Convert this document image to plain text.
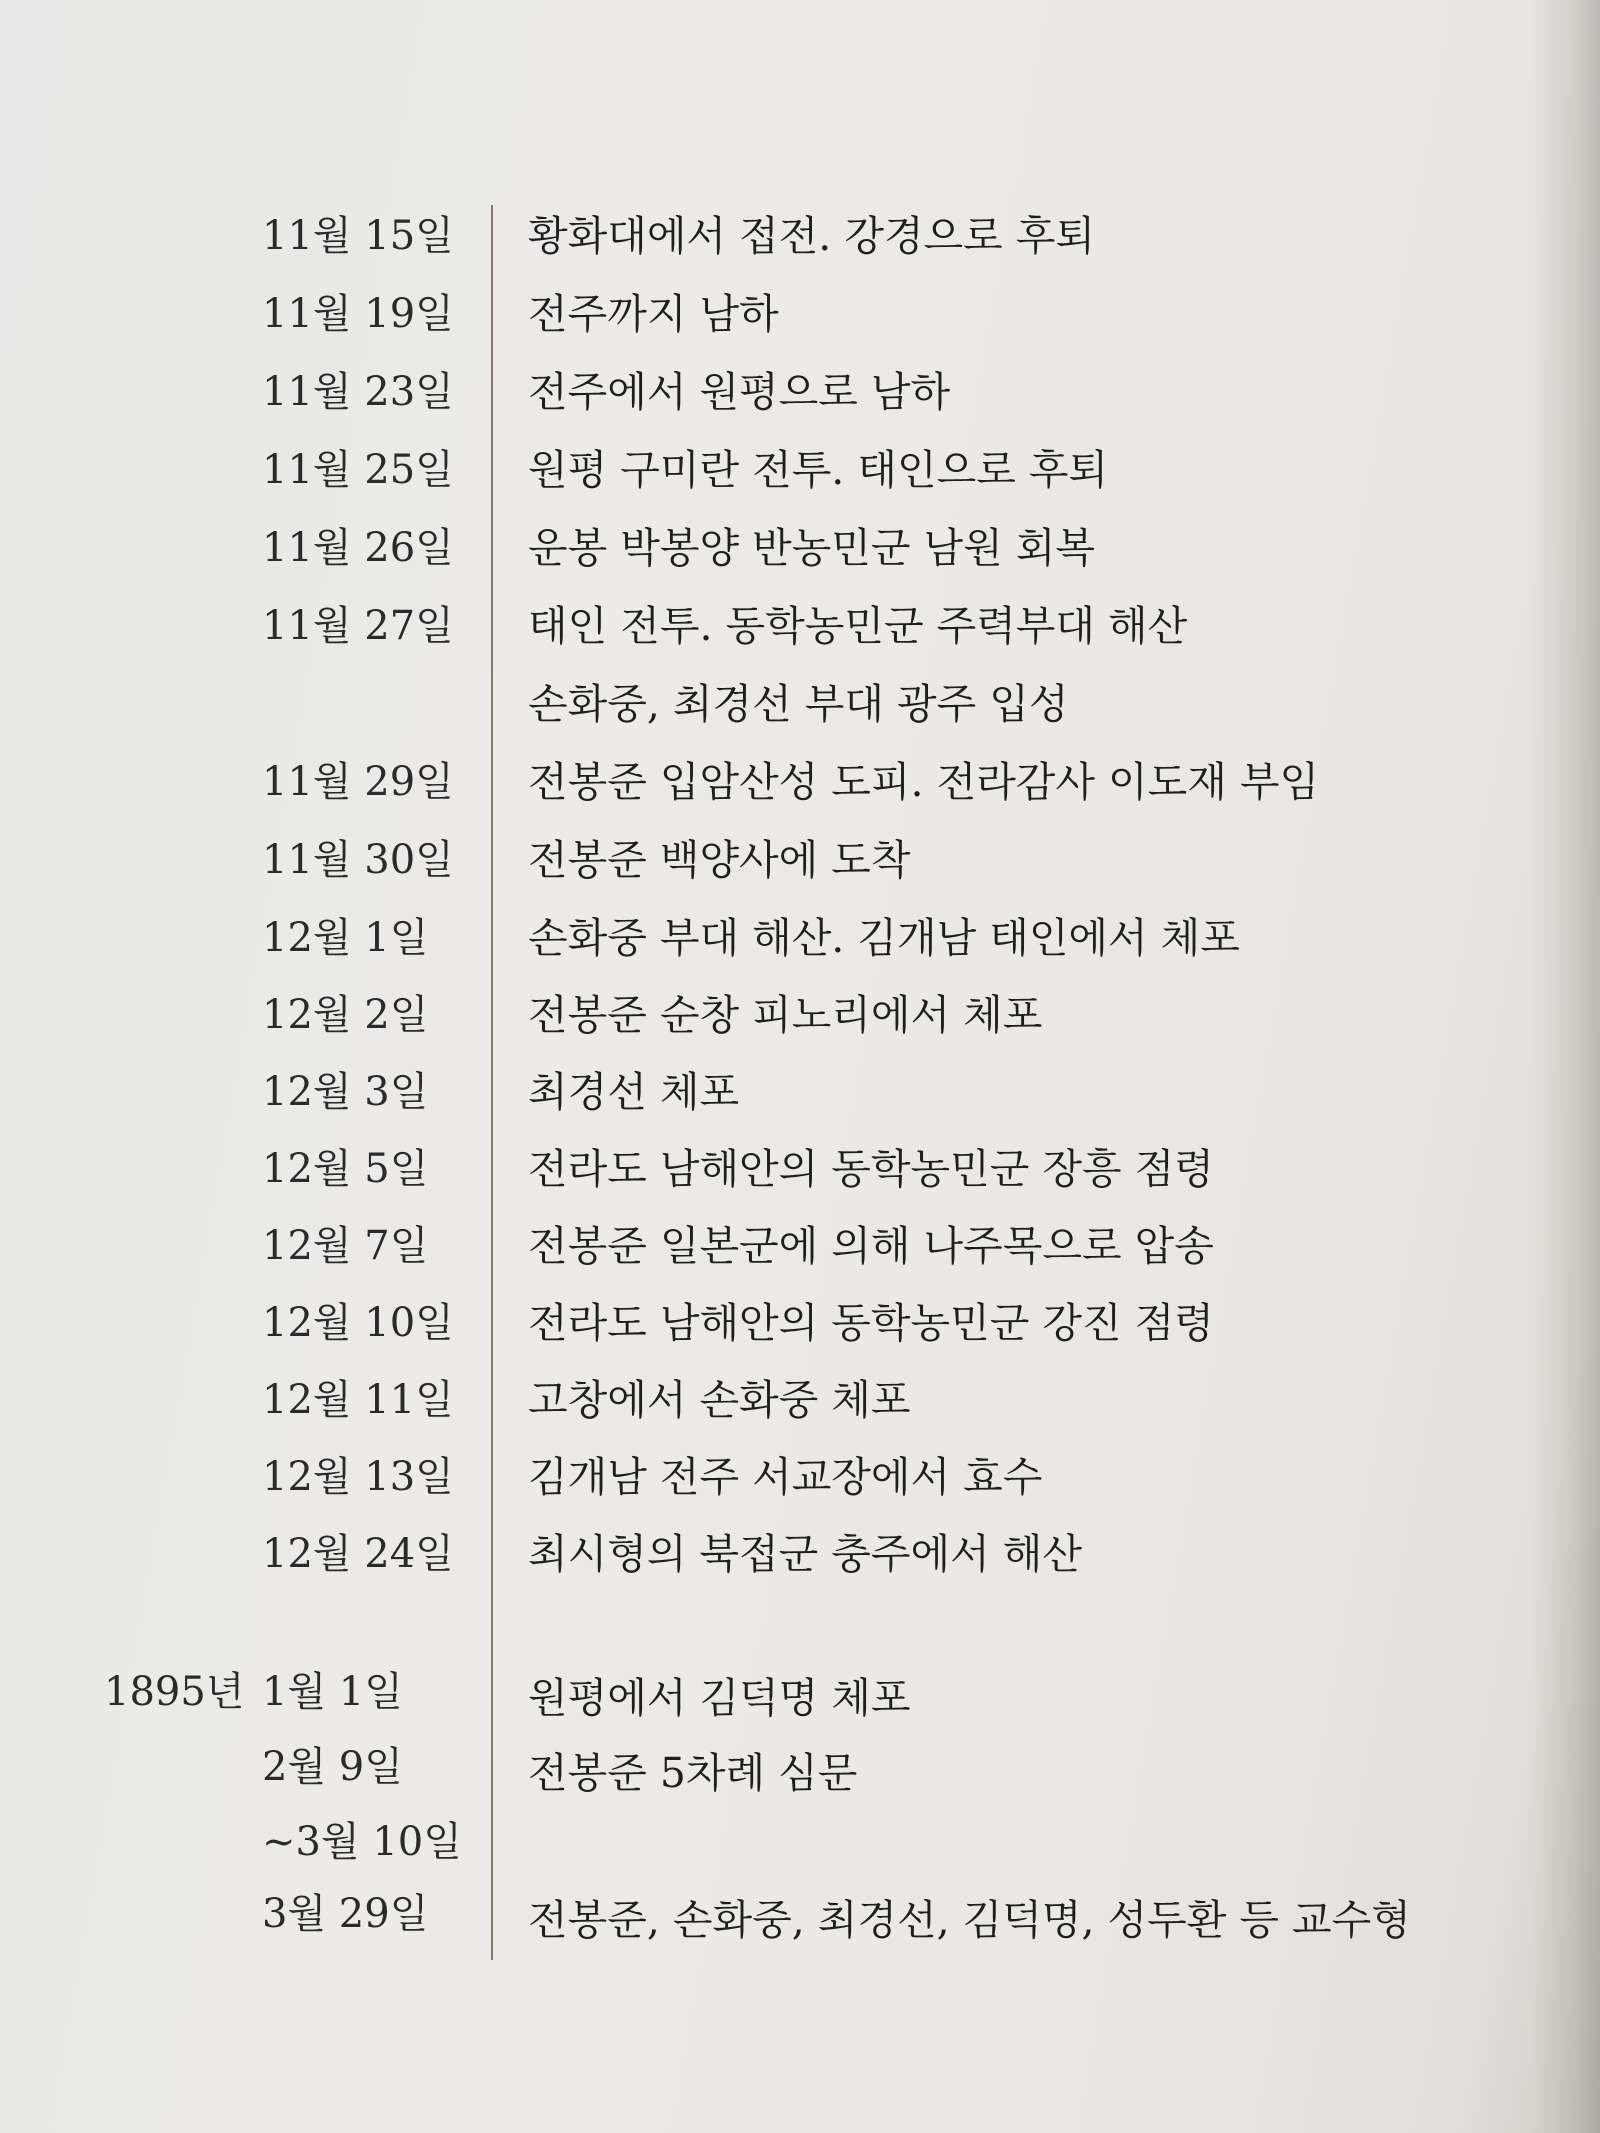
11월 15일 황화대에서 접전. 강경으로 후퇴
11월 19일 전주까지 남하
11월 23일 전주에서 원평으로 남하
11월 25일 원평 구미란 전투. 태인으로 후퇴
11월 26일 운봉 박봉양 반농민군 남원 회복
11월 27일 태인 전투. 동학농민군 주력부대 해산
손화중, 최경선 부대 광주 입성
11월 29일 전봉준 입암산성 도피. 전라감사 이도재 부임
11월 30일 전봉준 백양사에 도착
12월 1일 손화중 부대 해산. 김개남 태인에서 체포
12월 2일 전봉준 순창 피노리에서 체포
12월 3일 최경선 체포
12월 5일 전라도 남해안의 동학농민군 장흥 점령
12월 7일 전봉준 일본군에 의해 나주목으로 압송
12월 10일 전라도 남해안의 동학농민군 강진 점령
12월 11일 고창에서 손화중 체포
12월 13일 김개남 전주 서교장에서 효수
12월 24일 최시형의 북접군 충주에서 해산
1895년 1월 1일	원평에서 김덕명 체포
2월 9일	전봉준 5차례 심문
~3월 10일
3월 29일 전봉준, 손화중, 최경선, 김덕명, 성두환 등 교수형
